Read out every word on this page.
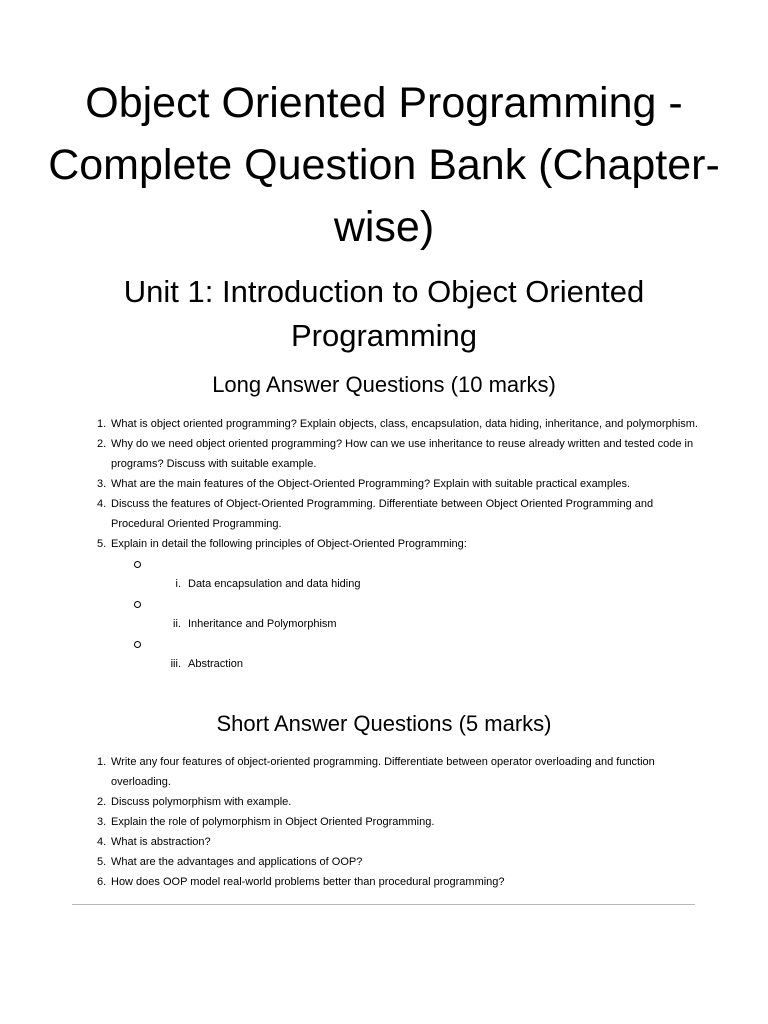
Object Oriented Programming - Complete Question Bank (Chapter-wise)
Unit 1: Introduction to Object Oriented Programming
Long Answer Questions (10 marks)
1. What is object oriented programming? Explain objects, class, encapsulation, data hiding, inheritance, and polymorphism.
2. Why do we need object oriented programming? How can we use inheritance to reuse already written and tested code in programs? Discuss with suitable example.
3. What are the main features of the Object-Oriented Programming? Explain with suitable practical examples.
4. Discuss the features of Object-Oriented Programming. Differentiate between Object Oriented Programming and Procedural Oriented Programming.
5. Explain in detail the following principles of Object-Oriented Programming:
i. Data encapsulation and data hiding
ii. Inheritance and Polymorphism
iii. Abstraction
Short Answer Questions (5 marks)
1. Write any four features of object-oriented programming. Differentiate between operator overloading and function overloading.
2. Discuss polymorphism with example.
3. Explain the role of polymorphism in Object Oriented Programming.
4. What is abstraction?
5. What are the advantages and applications of OOP?
6. How does OOP model real-world problems better than procedural programming?
